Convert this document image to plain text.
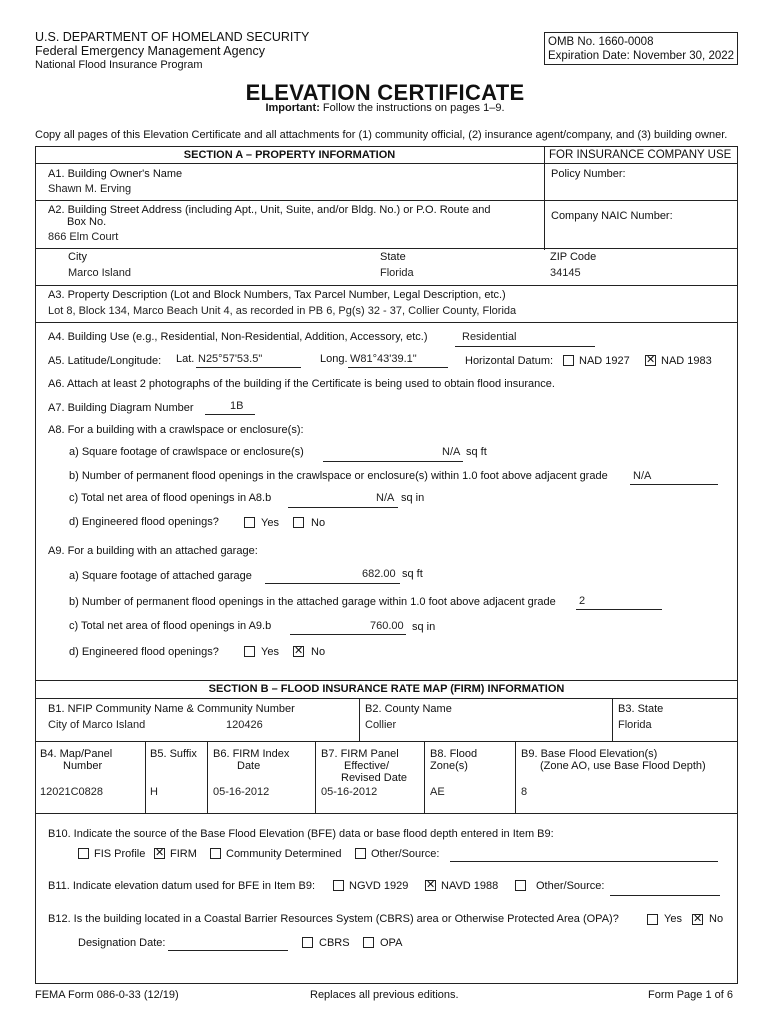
U.S. DEPARTMENT OF HOMELAND SECURITY
Federal Emergency Management Agency
National Flood Insurance Program
OMB No. 1660-0008
Expiration Date: November 30, 2022
ELEVATION CERTIFICATE
Important: Follow the instructions on pages 1–9.
Copy all pages of this Elevation Certificate and all attachments for (1) community official, (2) insurance agent/company, and (3) building owner.
SECTION A – PROPERTY INFORMATION	FOR INSURANCE COMPANY USE
A1. Building Owner's Name
Shawn M. Erving
Policy Number:
A2. Building Street Address (including Apt., Unit, Suite, and/or Bldg. No.) or P.O. Route and
Box No.
866 Elm Court
Company NAIC Number:
City
Marco Island
State
Florida
ZIP Code
34145
A3. Property Description (Lot and Block Numbers, Tax Parcel Number, Legal Description, etc.)
Lot 8, Block 134, Marco Beach Unit 4, as recorded in PB 6, Pg(s) 32 - 37, Collier County, Florida
A4. Building Use (e.g., Residential, Non-Residential, Addition, Accessory, etc.)	Residential
A5. Latitude/Longitude: Lat. N25°57'53.5"	Long. W81°43'39.1"	Horizontal Datum: NAD 1927 ✕ NAD 1983
A6. Attach at least 2 photographs of the building if the Certificate is being used to obtain flood insurance.
A7. Building Diagram Number	1B
A8. For a building with a crawlspace or enclosure(s):
a) Square footage of crawlspace or enclosure(s)	N/A sq ft
b) Number of permanent flood openings in the crawlspace or enclosure(s) within 1.0 foot above adjacent grade N/A
c) Total net area of flood openings in A8.b	N/A sq in
d) Engineered flood openings?	Yes	No
A9. For a building with an attached garage:
a) Square footage of attached garage	682.00 sq ft
b) Number of permanent flood openings in the attached garage within 1.0 foot above adjacent grade 2
c) Total net area of flood openings in A9.b	760.00 sq in
d) Engineered flood openings?	Yes ✕ No
SECTION B – FLOOD INSURANCE RATE MAP (FIRM) INFORMATION
B1. NFIP Community Name & Community Number
City of Marco Island	120426
B2. County Name
Collier
B3. State
Florida
B4. Map/Panel
Number
12021C0828
B5. Suffix
H
B6. FIRM Index
Date
05-16-2012
B7. FIRM Panel
Effective/
Revised Date
05-16-2012
B8. Flood
Zone(s)
AE
B9. Base Flood Elevation(s)
(Zone AO, use Base Flood Depth)
8
B10. Indicate the source of the Base Flood Elevation (BFE) data or base flood depth entered in Item B9:
FIS Profile ✕ FIRM	Community Determined	Other/Source:
B11. Indicate elevation datum used for BFE in Item B9:	NGVD 1929 ✕ NAVD 1988	Other/Source:
B12. Is the building located in a Coastal Barrier Resources System (CBRS) area or Otherwise Protected Area (OPA)?	Yes ✕ No
Designation Date:	CBRS	OPA
FEMA Form 086-0-33 (12/19)	Replaces all previous editions.	Form Page 1 of 6
